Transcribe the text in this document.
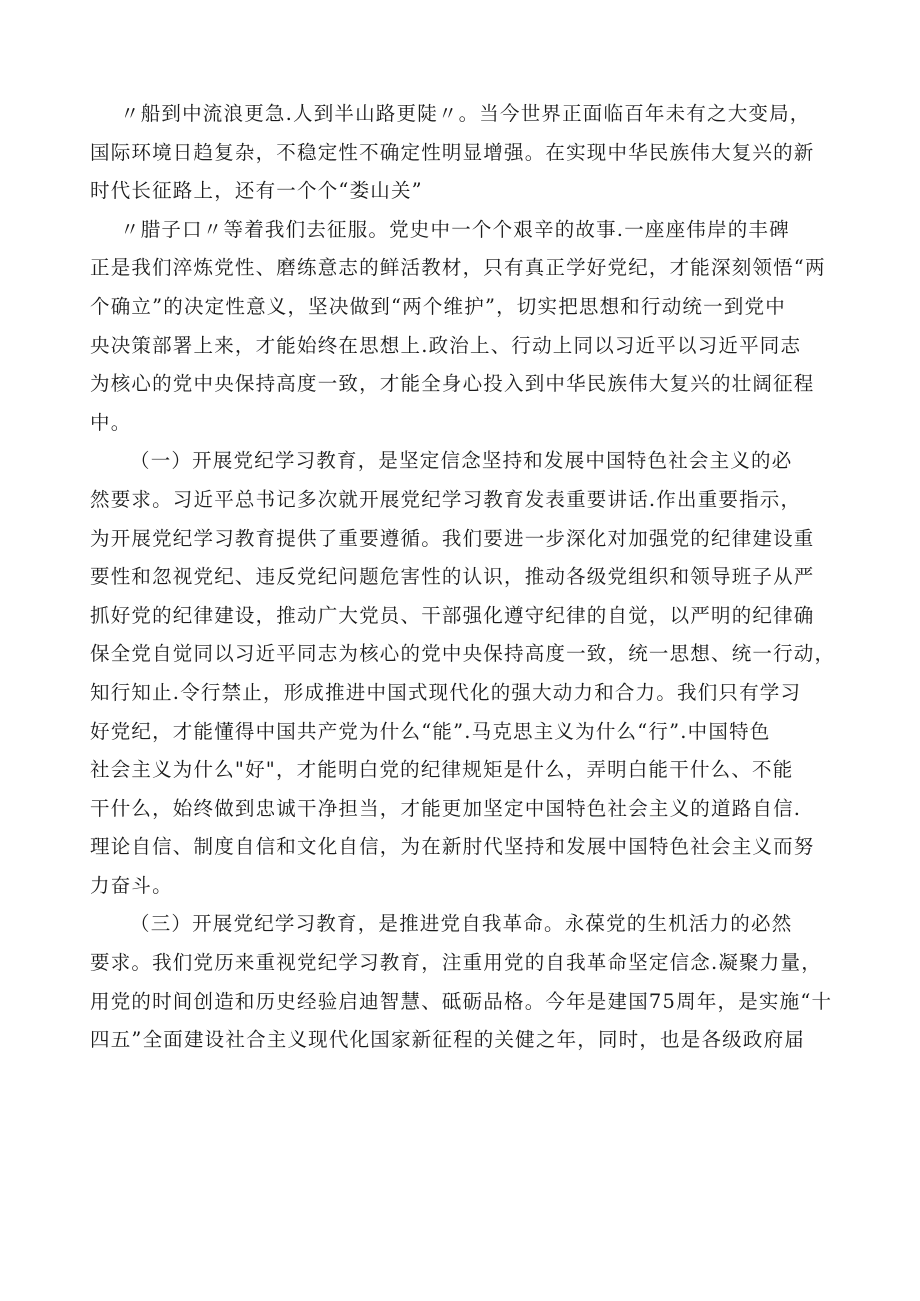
〃船到中流浪更急.人到半山路更陡〃。当今世界正面临百年未有之大变局，
国际环境日趋复杂，不稳定性不确定性明显增强。在实现中华民族伟大复兴的新
时代长征路上，还有一个个“娄山关”
〃腊子口〃等着我们去征服。党史中一个个艰辛的故事.一座座伟岸的丰碑
正是我们淬炼党性、磨练意志的鲜活教材，只有真正学好党纪，才能深刻领悟“两
个确立”的决定性意义，坚决做到“两个维护”，切实把思想和行动统一到党中
央决策部署上来，才能始终在思想上.政治上、行动上同以习近平以习近平同志
为核心的党中央保持高度一致，才能全身心投入到中华民族伟大复兴的壮阔征程
中。
（一）开展党纪学习教育，是坚定信念坚持和发展中国特色社会主义的必
然要求。习近平总书记多次就开展党纪学习教育发表重要讲话.作出重要指示，
为开展党纪学习教育提供了重要遵循。我们要进一步深化对加强党的纪律建设重
要性和忽视党纪、违反党纪问题危害性的认识，推动各级党组织和领导班子从严
抓好党的纪律建设，推动广大党员、干部强化遵守纪律的自觉，以严明的纪律确
保全党自觉同以习近平同志为核心的党中央保持高度一致，统一思想、统一行动，
知行知止.令行禁止，形成推进中国式现代化的强大动力和合力。我们只有学习
好党纪，才能懂得中国共产党为什么“能”.马克思主义为什么“行”.中国特色
社会主义为什么"好"，才能明白党的纪律规矩是什么，弄明白能干什么、不能
干什么，始终做到忠诚干净担当，才能更加坚定中国特色社会主义的道路自信.
理论自信、制度自信和文化自信，为在新肘代坚持和发展中国特色社会主义而努
力奋斗。
（三）开展党纪学习教育，是推进党自我革命。永葆党的生机活力的必然
要求。我们党历来重视党纪学习教育，注重用党的自我革命坚定信念.凝聚力量，
用党的时间创造和历史经验启迪智慧、砥砺品格。今年是建国75周年，是实施“十
四五”全面建设社合主义现代化国家新征程的关健之年，同时，也是各级政府届
